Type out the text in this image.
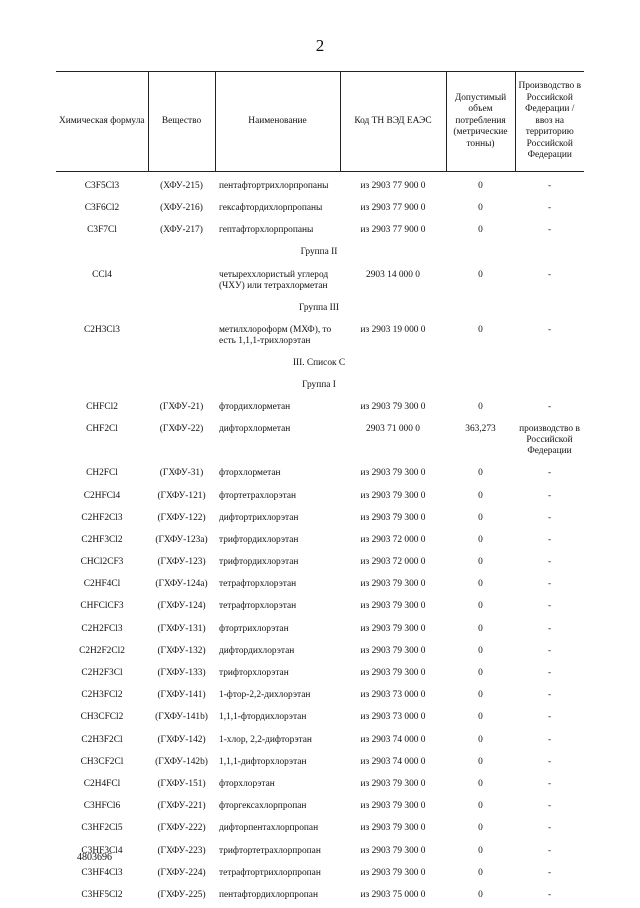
2
Химическая формула	Вещество	Наименование	Код ТН ВЭД ЕАЭС	Допустимый объем потребления (метрические тонны)	Производство в Российской Федерации / ввоз на территорию Российской Федерации
C3F5Cl3	(ХФУ-215)	пентафтортрихлорпропаны	из 2903 77 900 0	0	-
C3F6Cl2	(ХФУ-216)	гексафтордихлорпропаны	из 2903 77 900 0	0	-
C3F7Cl	(ХФУ-217)	гептафторхлорпропаны	из 2903 77 900 0	0	-
Группа II					
CCl4		четыреххлористый углерод (ЧХУ) или тетрахлорметан	2903 14 000 0	0	-
Группа III					
C2H3Cl3		метилхлороформ (МХФ), то есть 1,1,1-трихлорэтан	из 2903 19 000 0	0	-
III. Список С					
Группа I					
CHFCl2	(ГХФУ-21)	фтордихлорметан	из 2903 79 300 0	0	-
CHF2Cl	(ГХФУ-22)	дифторхлорметан	2903 71 000 0	363,273	производство в Российской Федерации
CH2FCl	(ГХФУ-31)	фторхлорметан	из 2903 79 300 0	0	-
C2HFCl4	(ГХФУ-121)	фтортетрахлорэтан	из 2903 79 300 0	0	-
C2HF2Cl3	(ГХФУ-122)	дифтортрихлорэтан	из 2903 79 300 0	0	-
C2HF3Cl2	(ГХФУ-123a)	трифтордихлорэтан	из 2903 72 000 0	0	-
CHCl2CF3	(ГХФУ-123)	трифтордихлорэтан	из 2903 72 000 0	0	-
C2HF4Cl	(ГХФУ-124a)	тетрафторхлорэтан	из 2903 79 300 0	0	-
CHFClCF3	(ГХФУ-124)	тетрафторхлорэтан	из 2903 79 300 0	0	-
C2H2FCl3	(ГХФУ-131)	фтортрихлорэтан	из 2903 79 300 0	0	-
C2H2F2Cl2	(ГХФУ-132)	дифтордихлорэтан	из 2903 79 300 0	0	-
C2H2F3Cl	(ГХФУ-133)	трифторхлорэтан	из 2903 79 300 0	0	-
C2H3FCl2	(ГХФУ-141)	1-фтор-2,2-дихлорэтан	из 2903 73 000 0	0	-
CH3CFCl2	(ГХФУ-141b)	1,1,1-фтордихлорэтан	из 2903 73 000 0	0	-
C2H3F2Cl	(ГХФУ-142)	1-хлор, 2,2-дифторэтан	из 2903 74 000 0	0	-
CH3CF2Cl	(ГХФУ-142b)	1,1,1-дифторхлорэтан	из 2903 74 000 0	0	-
C2H4FCl	(ГХФУ-151)	фторхлорэтан	из 2903 79 300 0	0	-
C3HFCl6	(ГХФУ-221)	фторгексахлорпропан	из 2903 79 300 0	0	-
C3HF2Cl5	(ГХФУ-222)	дифторпентахлорпропан	из 2903 79 300 0	0	-
C3HF3Cl4	(ГХФУ-223)	трифтортетрахлорпропан	из 2903 79 300 0	0	-
C3HF4Cl3	(ГХФУ-224)	тетрафтортрихлорпропан	из 2903 79 300 0	0	-
C3HF5Cl2	(ГХФУ-225)	пентафтордихлорпропан	из 2903 75 000 0	0	-
4803696
